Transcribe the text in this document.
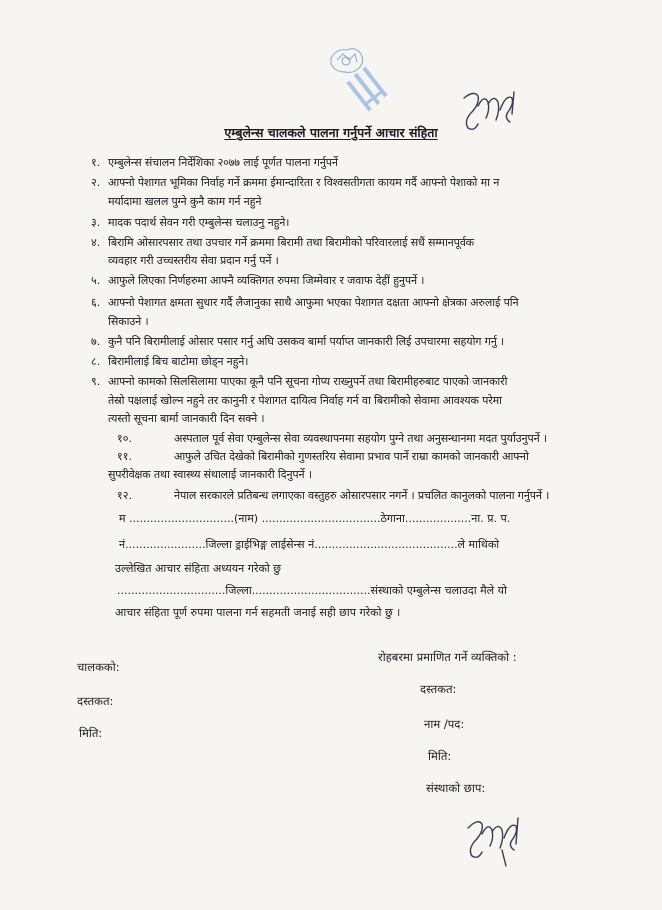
एम्बुलेन्स चालकले पालना गर्नुपर्ने आचार संहिता
१. एम्बुलेन्स संचालन निर्देशिका २०७७ लाई पूर्णत पालना गर्नुपर्ने
२. आफ्नो पेशागत भूमिका निर्वाह गर्ने क्रममा ईमान्दारिता र विश्वसतीगता कायम गर्दै आफ्नो पेशाको मा न
मर्यादामा खलल पुग्ने कुनै काम गर्न नहुने
३. मादक पदार्थ सेवन गरी एम्बुलेन्स चलाउनु नहुने।
४. बिरामि ओसारपसार तथा उपचार गर्ने क्रममा बिरामी तथा बिरामीको परिवारलाई सधैं सम्मानपूर्वक
व्यवहार गरी उच्चस्तरीय सेवा प्रदान गर्नु पर्ने ।
५. आफुले लिएका निर्णहरुमा आफ्नै व्यक्तिगत रुपमा जिम्मेवार र जवाफ देहीं हुनुपर्ने ।
६. आफ्नो पेशागत क्षमता सुधार गर्दै लैजानुका साथै आफुमा भएका पेशागत दक्षता आफ्नो क्षेत्रका अरुलाई पनि
सिकाउने ।
७. कुनै पनि बिरामीलाई ओसार पसार गर्नु अघि उसकव बार्मा पर्याप्त जानकारी लिई उपचारमा सहयोग गर्नु ।
८. बिरामीलाई बिच बाटोमा छोड्न नहुने।
९. आफ्नो कामको सिलसिलामा पाएका कूनै पनि सूचना गोप्य राख्नुपर्ने तथा बिरामीहरुबाट पाएको जानकारी
तेस्रो पक्षलाई खोल्न नहुने तर कानुनी र पेशागत दायित्व निर्वाह गर्न वा बिरामीको सेवामा आवश्यक परेमा
त्यस्तो सूचना बार्मा जानकारी दिन सक्ने ।
१०.	अस्पताल पूर्व सेवा एम्बुलेन्स सेवा व्यवस्थापनमा सहयोग पुग्ने तथा अनुसन्धानमा मदत पुर्याउनुपर्ने ।
११.	आफुले उचित देखेको बिरामीको गुणस्तरिय सेवामा प्रभाव पार्ने राम्रा कामको जानकारी आफ्नो
सुपरीवेक्षक तथा स्वास्थ्य संथालाई जानकारी दिनुपर्ने ।
१२.	नेपाल सरकारले प्रतिबन्ध लगाएका वस्तुहरु ओसारपसार नगर्ने । प्रचलित कानुलको पालना गर्नुपर्ने ।
म ..............................(नाम) ..................................ठेगाना...................ना. प्र. प.
नं.......................जिल्ला ड्राईभिङ्ग लाईसेन्स नं.........................................ले माथिको
उल्लेखित आचार संहिता अध्ययन गरेको छु
...............................जिल्ला..................................संस्थाको एम्बुलेन्स चलाउदा मैले यो
आचार संहिता पूर्ण रुपमा पालना गर्न सहमती जनाई सही छाप गरेको छु ।
चालकको:
दस्तकत:
मिति:
रोहबरमा प्रमाणित गर्ने व्यक्तिको :
दस्तकत:
नाम /पद:
मिति:
संस्थाको छाप:
